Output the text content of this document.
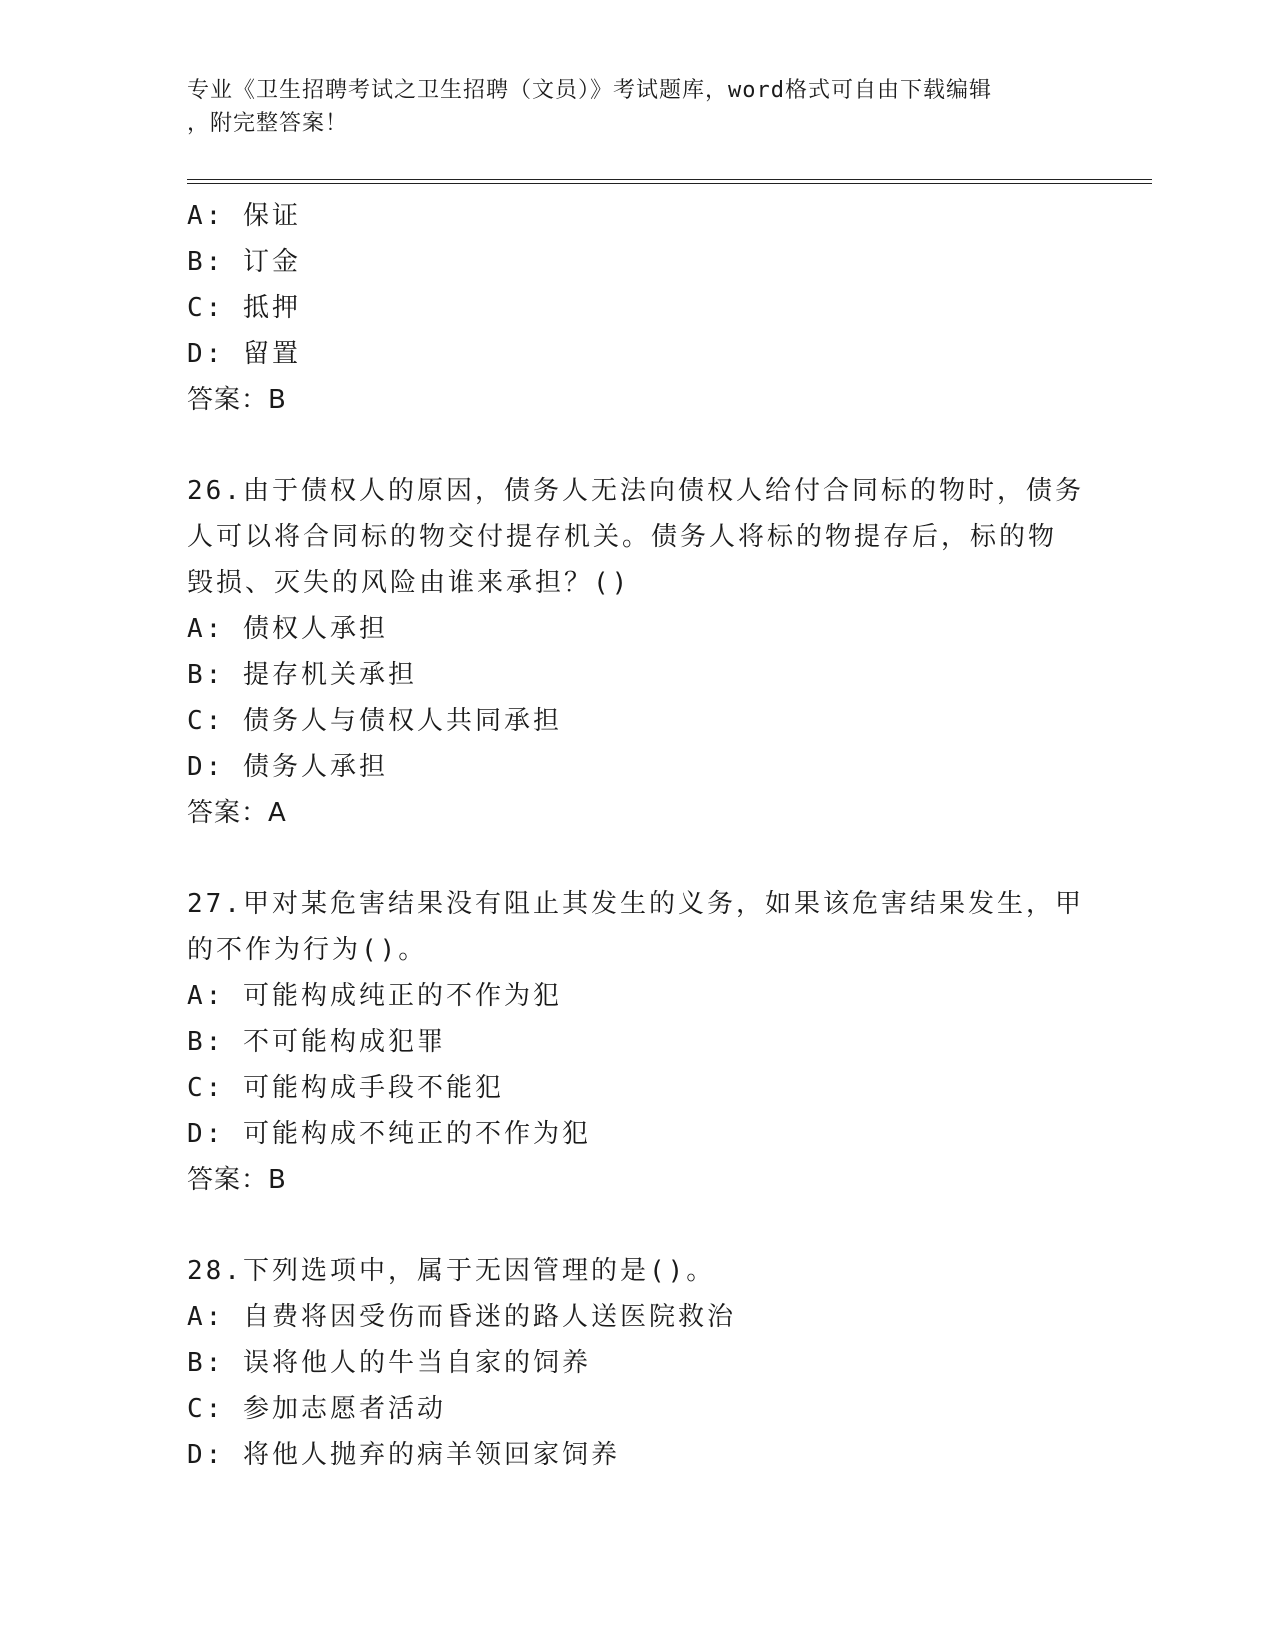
专业《卫生招聘考试之卫生招聘（文员）》考试题库，word格式可自由下载编辑
，附完整答案！
A: 保证
B: 订金
C: 抵押
D: 留置
答案：B
26.由于债权人的原因，债务人无法向债权人给付合同标的物时，债务
人可以将合同标的物交付提存机关。债务人将标的物提存后，标的物
毁损、灭失的风险由谁来承担？()
A: 债权人承担
B: 提存机关承担
C: 债务人与债权人共同承担
D: 债务人承担
答案：A
27.甲对某危害结果没有阻止其发生的义务，如果该危害结果发生，甲
的不作为行为()。
A: 可能构成纯正的不作为犯
B: 不可能构成犯罪
C: 可能构成手段不能犯
D: 可能构成不纯正的不作为犯
答案：B
28.下列选项中，属于无因管理的是()。
A: 自费将因受伤而昏迷的路人送医院救治
B: 误将他人的牛当自家的饲养
C: 参加志愿者活动
D: 将他人抛弃的病羊领回家饲养
